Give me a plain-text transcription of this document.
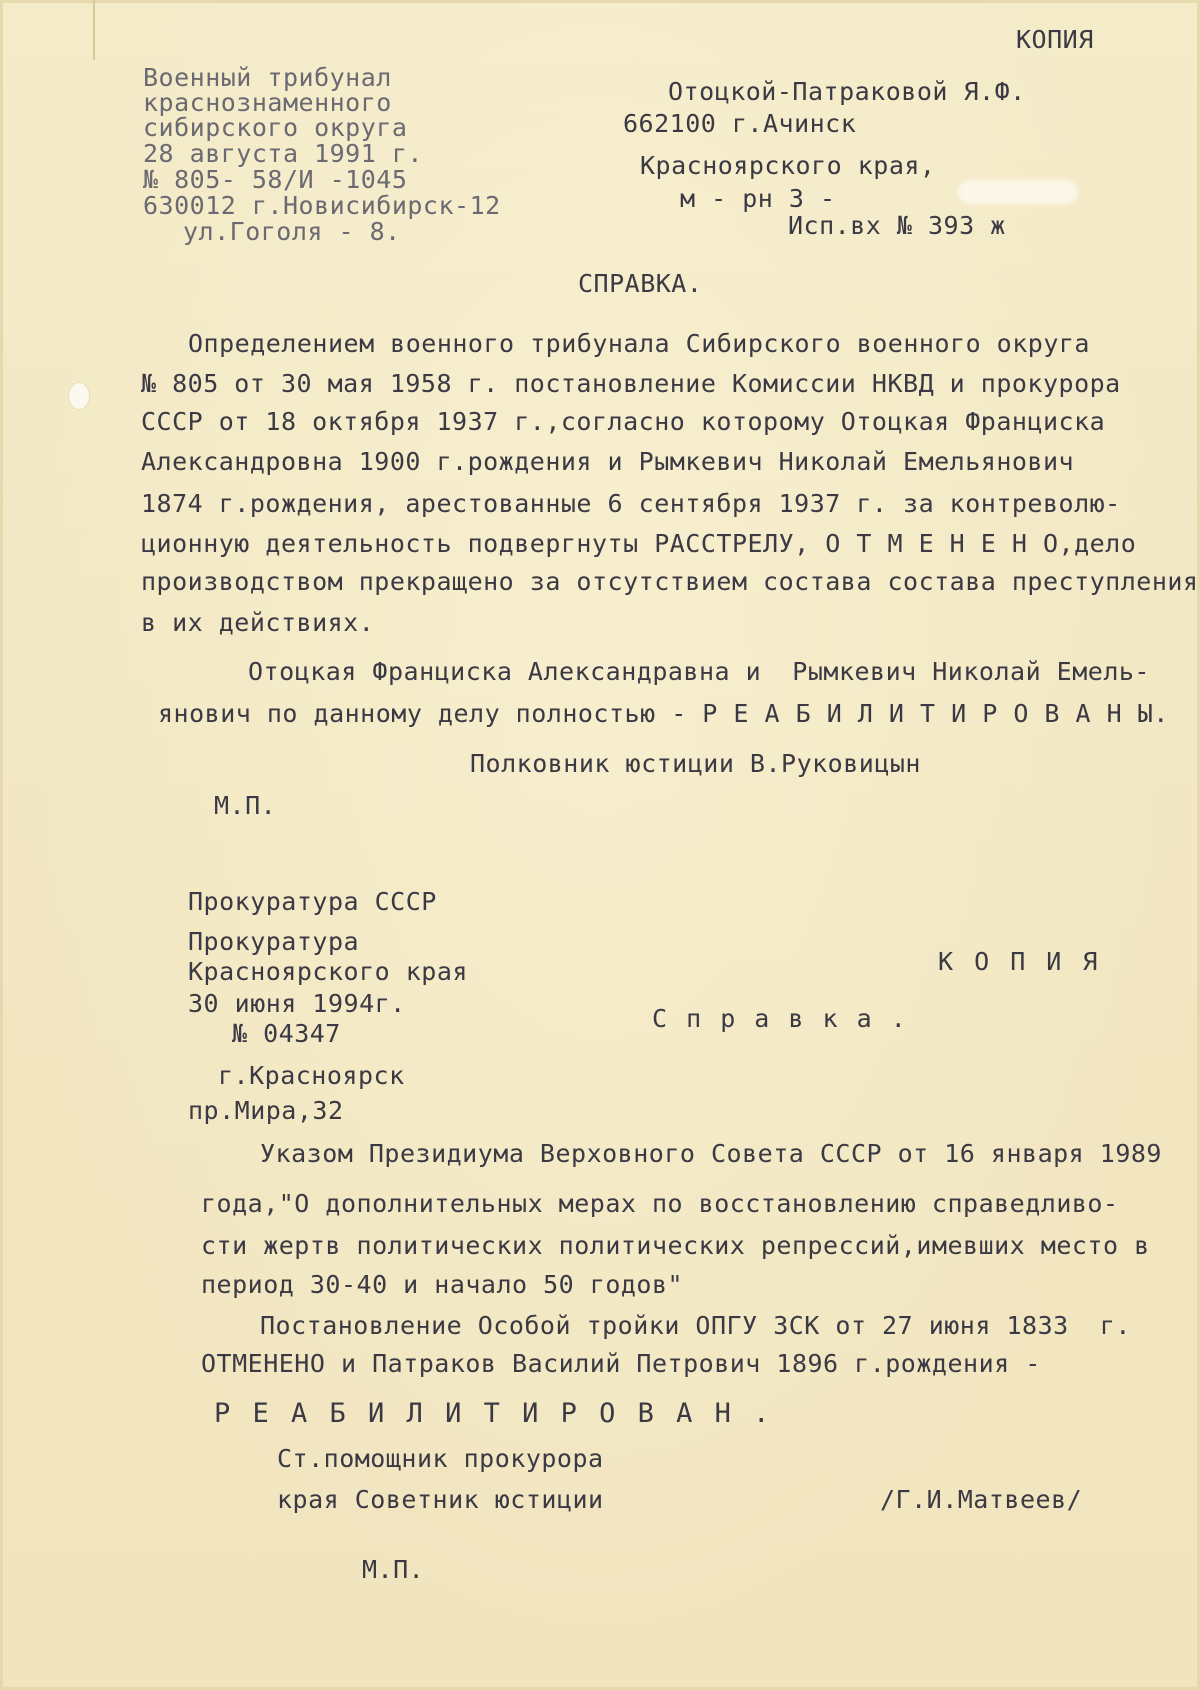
КОПИЯ
Военный трибунал
краснознаменного
сибирского округа
28 августа 1991 г.
№ 805- 58/И -1045
630012 г.Новисибирск-12
ул.Гоголя - 8.
Отоцкой-Патраковой Я.Ф.
662100 г.Ачинск
Красноярского края,
м - рн 3 -
Исп.вх № 393 ж
СПРАВКА.
Определением военного трибунала Сибирского военного округа
№ 805 от 30 мая 1958 г. постановление Комиссии НКВД и прокурора
СССР от 18 октября 1937 г.,согласно которому Отоцкая Франциска
Александровна 1900 г.рождения и Рымкевич Николай Емельянович
1874 г.рождения, арестованные 6 сентября 1937 г. за контреволю-
ционную деятельность подвергнуты РАССТРЕЛУ, О Т М Е Н Е Н О,дело
производством прекращено за отсутствием состава состава преступления
в их действиях.
Отоцкая Франциска Александравна и  Рымкевич Николай Емель-
янович по данному делу полностью - Р Е А Б И Л И Т И Р О В А Н Ы.
Полковник юстиции В.Руковицын
М.П.
Прокуратура СССР
Прокуратура
Красноярского края
30 июня 1994г.
№ 04347
г.Красноярск
пр.Мира,32
К О П И Я
С п р а в к а .
Указом Президиума Верховного Совета СССР от 16 января 1989
года,"О дополнительных мерах по восстановлению справедливо-
сти жертв политических политических репрессий,имевших место в
период 30-40 и начало 50 годов"
Постановление Особой тройки ОПГУ ЗСК от 27 июня 1833  г.
ОТМЕНЕНО и Патраков Василий Петрович 1896 г.рождения -
Р Е А Б И Л И Т И Р О В А Н .
Ст.помощник прокурора
края Советник юстиции	/Г.И.Матвеев/
М.П.
